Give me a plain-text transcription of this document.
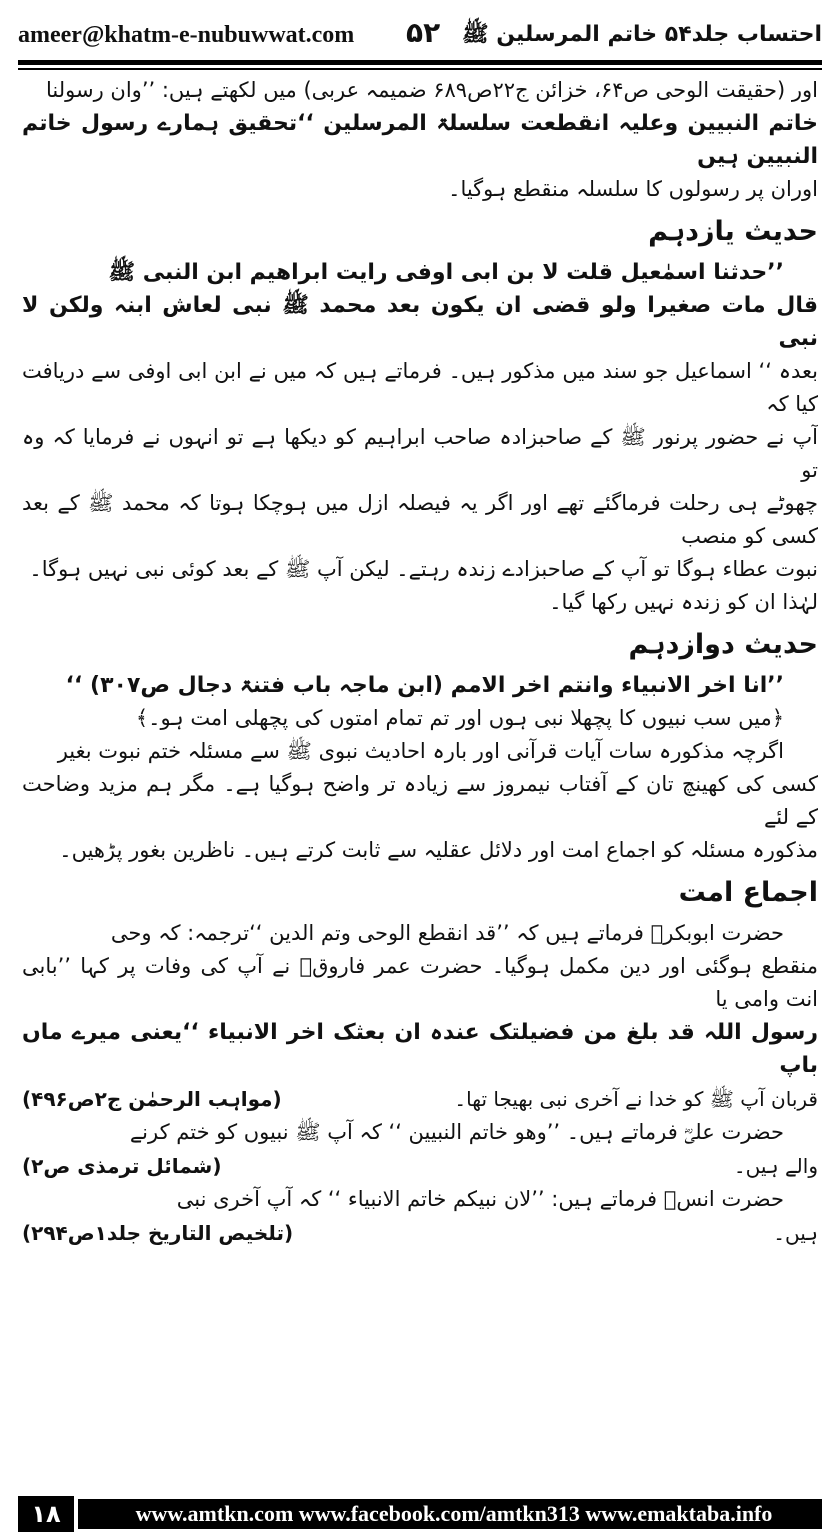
ameer@khatm-e-nubuwwat.com ۵۲ احتساب جلد۵۴ خاتم المرسلین ﷺ

اور (حقیقت الوحی ص۶۴، خزائن ج۲۲ص۶۸۹ ضمیمہ عربی) میں لکھتے ہیں: ’’وان رسولنا

خاتم النبیین وعلیہ انقطعت سلسلۃ المرسلین ‘‘تحقیق ہمارے رسول خاتم النبیین ہیں

اوران پر رسولوں کا سلسلہ منقطع ہوگیا۔

حدیث یازدہم

’’حدثنا اسمٰعیل قلت لا بن ابی اوفی رایت ابراھیم ابن النبی ﷺ

قال مات صغیرا ولو قضی ان یکون بعد محمد ﷺ نبی لعاش ابنہ ولکن لا نبی

بعدہ ‘‘ اسماعیل جو سند میں مذکور ہیں۔ فرماتے ہیں کہ میں نے ابن ابی اوفی سے دریافت کیا کہ

آپ نے حضور پرنور ﷺ کے صاحبزادہ صاحب ابراہیم کو دیکھا ہے تو انہوں نے فرمایا کہ وہ تو

چھوٹے ہی رحلت فرماگئے تھے اور اگر یہ فیصلہ ازل میں ہوچکا ہوتا کہ محمد ﷺ کے بعد کسی کو منصب

نبوت عطاء ہوگا تو آپ کے صاحبزادے زندہ رہتے۔ لیکن آپ ﷺ کے بعد کوئی نبی نہیں ہوگا۔

لہٰذا ان کو زندہ نہیں رکھا گیا۔

حدیث دوازدہم

’’انا اخر الانبیاء وانتم اخر الامم (ابن ماجہ باب فتنۃ دجال ص۳۰۷) ‘‘

﴿میں سب نبیوں کا پچھلا نبی ہوں اور تم تمام امتوں کی پچھلی امت ہو۔﴾

اگرچہ مذکورہ سات آیات قرآنی اور بارہ احادیث نبوی ﷺ سے مسئلہ ختم نبوت بغیر

کسی کی کھینچ تان کے آفتاب نیمروز سے زیادہ تر واضح ہوگیا ہے۔ مگر ہم مزید وضاحت کے لئے

مذکورہ مسئلہ کو اجماع امت اور دلائل عقلیہ سے ثابت کرتے ہیں۔ ناظرین بغور پڑھیں۔

اجماع امت

حضرت ابوبکرؓ فرماتے ہیں کہ ’’قد انقطع الوحی وتم الدین ‘‘ترجمہ: کہ وحی

منقطع ہوگئی اور دین مکمل ہوگیا۔ حضرت عمر فاروقؓ نے آپ کی وفات پر کہا ’’بابی انت وامی یا

رسول اللہ قد بلغ من فضیلتک عندہ ان بعثک اخر الانبیاء ‘‘یعنی میرے ماں باپ

قربان آپ ﷺ کو خدا نے آخری نبی بھیجا تھا۔
(مواہب الرحمٰن ج۲ص۴۹۶)

حضرت علیؓ فرماتے ہیں۔ ’’وھو خاتم النبیین ‘‘ کہ آپ ﷺ نبیوں کو ختم کرنے

والے ہیں۔
(شمائل ترمذی ص۲)

حضرت انسؓ فرماتے ہیں: ’’لان نبیکم خاتم الانبیاء ‘‘ کہ آپ آخری نبی

ہیں۔
(تلخیص التاریخ جلد۱ص۲۹۴)
۱۸	www.amtkn.com www.facebook.com/amtkn313 www.emaktaba.info
